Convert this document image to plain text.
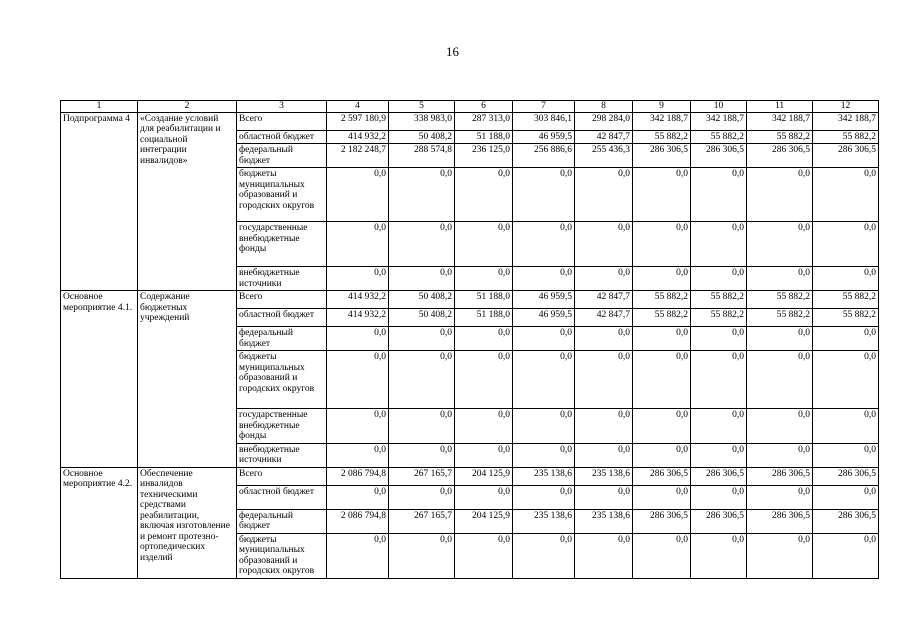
16
1	2	3	4	5	6	7	8	9	10	11	12
Подпрограмма 4	«Создание условий для реабилитации и социальной интеграции инвалидов»	Всего	2 597 180,9	338 983,0	287 313,0	303 846,1	298 284,0	342 188,7	342 188,7	342 188,7	342 188,7
		областной бюджет	414 932,2	50 408,2	51 188,0	46 959,5	42 847,7	55 882,2	55 882,2	55 882,2	55 882,2
		федеральный бюджет	2 182 248,7	288 574,8	236 125,0	256 886,6	255 436,3	286 306,5	286 306,5	286 306,5	286 306,5
		бюджеты муниципальных образований и городских округов	0,0	0,0	0,0	0,0	0,0	0,0	0,0	0,0	0,0
		государственные внебюджетные фонды	0,0	0,0	0,0	0,0	0,0	0,0	0,0	0,0	0,0
		внебюджетные источники	0,0	0,0	0,0	0,0	0,0	0,0	0,0	0,0	0,0
Основное мероприятие 4.1.	Содержание бюджетных учреждений	Всего	414 932,2	50 408,2	51 188,0	46 959,5	42 847,7	55 882,2	55 882,2	55 882,2	55 882,2
		областной бюджет	414 932,2	50 408,2	51 188,0	46 959,5	42 847,7	55 882,2	55 882,2	55 882,2	55 882,2
		федеральный бюджет	0,0	0,0	0,0	0,0	0,0	0,0	0,0	0,0	0,0
		бюджеты муниципальных образований и городских округов	0,0	0,0	0,0	0,0	0,0	0,0	0,0	0,0	0,0
		государственные внебюджетные фонды	0,0	0,0	0,0	0,0	0,0	0,0	0,0	0,0	0,0
		внебюджетные источники	0,0	0,0	0,0	0,0	0,0	0,0	0,0	0,0	0,0
Основное мероприятие 4.2.	Обеспечение инвалидов техническими средствами реабилитации, включая изготовление и ремонт протезно-ортопедических изделий	Всего	2 086 794,8	267 165,7	204 125,9	235 138,6	235 138,6	286 306,5	286 306,5	286 306,5	286 306,5
		областной бюджет	0,0	0,0	0,0	0,0	0,0	0,0	0,0	0,0	0,0
		федеральный бюджет	2 086 794,8	267 165,7	204 125,9	235 138,6	235 138,6	286 306,5	286 306,5	286 306,5	286 306,5
		бюджеты муниципальных образований и городских округов	0,0	0,0	0,0	0,0	0,0	0,0	0,0	0,0	0,0
